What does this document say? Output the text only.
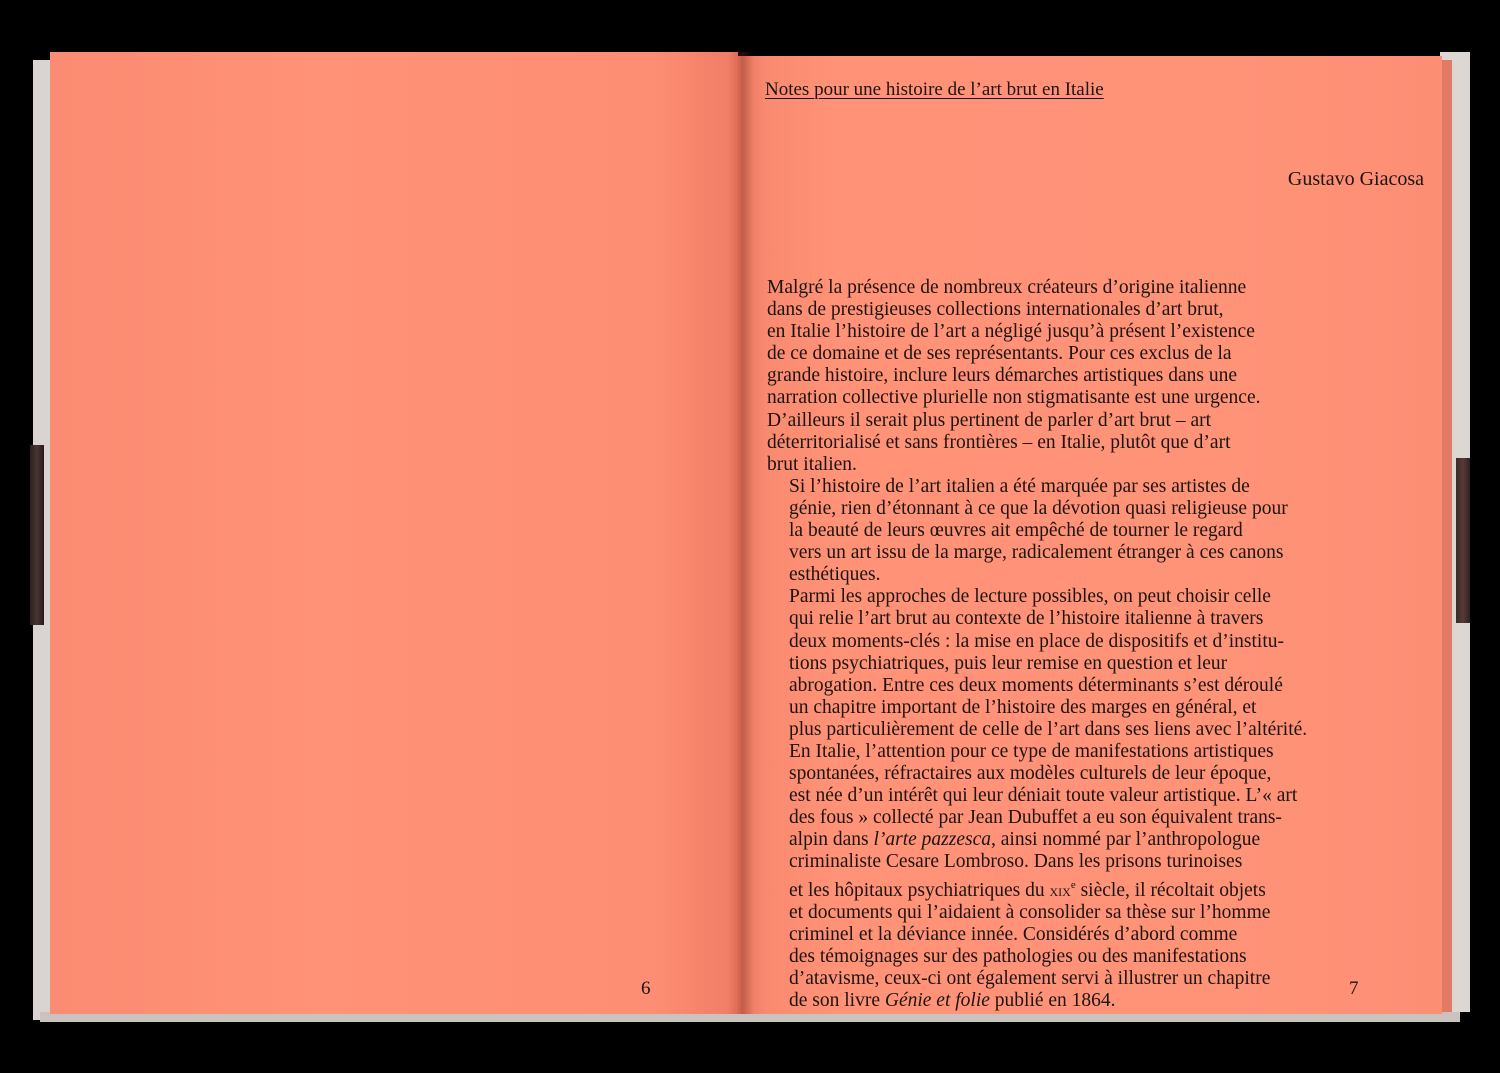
Notes pour une histoire de l’art brut en Italie
Gustavo Giacosa

Malgré la présence de nombreux créateurs d’origine italienne
dans de prestigieuses collections internationales d’art brut,
en Italie l’histoire de l’art a négligé jusqu’à présent l’existence
de ce domaine et de ses représentants. Pour ces exclus de la
grande histoire, inclure leurs démarches artistiques dans une
narration collective plurielle non stigmatisante est une urgence.
D’ailleurs il serait plus pertinent de parler d’art brut – art
déterritorialisé et sans frontières – en Italie, plutôt que d’art
brut italien.

Si l’histoire de l’art italien a été marquée par ses artistes de
génie, rien d’étonnant à ce que la dévotion quasi religieuse pour
la beauté de leurs œuvres ait empêché de tourner le regard
vers un art issu de la marge, radicalement étranger à ces canons
esthétiques.

Parmi les approches de lecture possibles, on peut choisir celle
qui relie l’art brut au contexte de l’histoire italienne à travers
deux moments-clés : la mise en place de dispositifs et d’institu-
tions psychiatriques, puis leur remise en question et leur
abrogation. Entre ces deux moments déterminants s’est déroulé
un chapitre important de l’histoire des marges en général, et
plus particulièrement de celle de l’art dans ses liens avec l’altérité.

En Italie, l’attention pour ce type de manifestations artistiques
spontanées, réfractaires aux modèles culturels de leur époque,
est née d’un intérêt qui leur déniait toute valeur artistique. L’« art
des fous » collecté par Jean Dubuffet a eu son équivalent trans-
alpin dans l’arte pazzesca, ainsi nommé par l’anthropologue
criminaliste Cesare Lombroso. Dans les prisons turinoises
et les hôpitaux psychiatriques du xix$^e$ siècle, il récoltait objets
et documents qui l’aidaient à consolider sa thèse sur l’homme
criminel et la déviance innée. Considérés d’abord comme
des témoignages sur des pathologies ou des manifestations
d’atavisme, ceux-ci ont également servi à illustrer un chapitre
de son livre Génie et folie publié en 1864.

6	7
